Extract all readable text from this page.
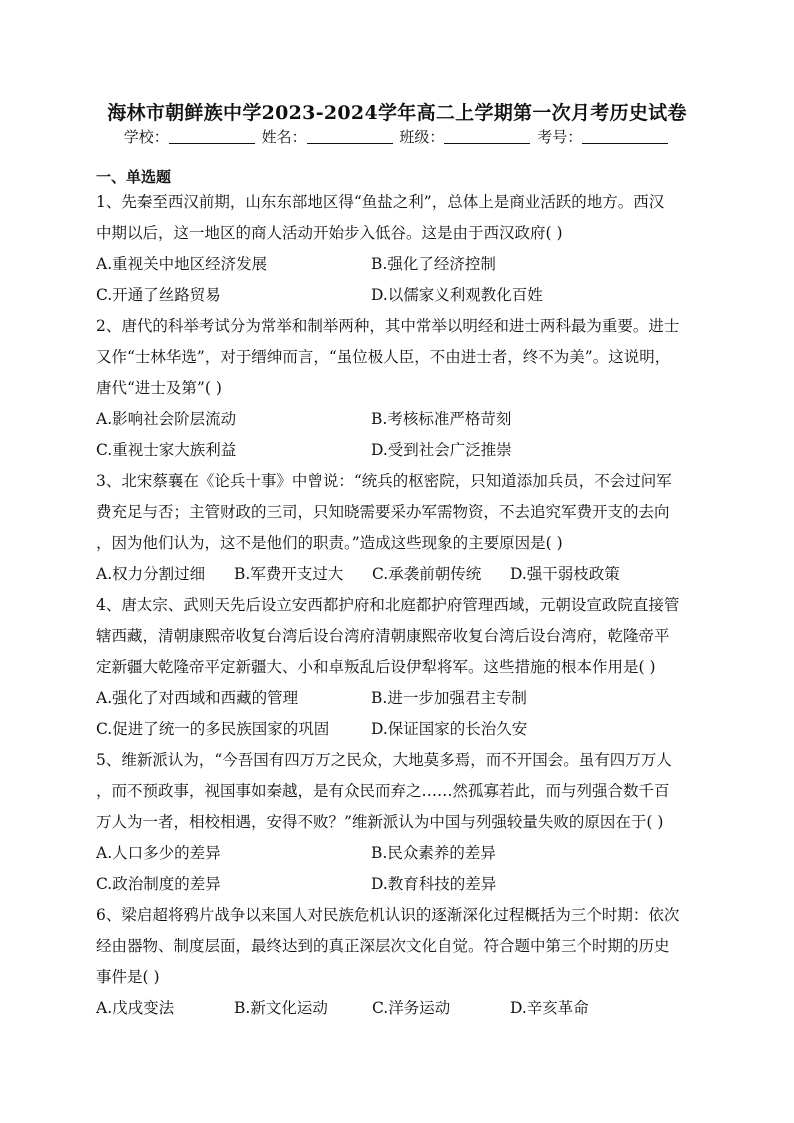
海林市朝鲜族中学2023-2024学年高二上学期第一次月考历史试卷
学校：	姓名：	班级：	考号：
一、单选题

1、先秦至西汉前期，山东东部地区得“鱼盐之利”，总体上是商业活跃的地方。西汉

中期以后，这一地区的商人活动开始步入低谷。这是由于西汉政府( )

A.重视关中地区经济发展	B.强化了经济控制
C.开通了丝路贸易	D.以儒家义利观教化百姓

2、唐代的科举考试分为常举和制举两种，其中常举以明经和进士两科最为重要。进士

又作“士林华选”，对于缙绅而言，“虽位极人臣，不由进士者，终不为美”。这说明，

唐代“进士及第”( )

A.影响社会阶层流动	B.考核标准严格苛刻
C.重视士家大族利益	D.受到社会广泛推崇

3、北宋蔡襄在《论兵十事》中曾说：“统兵的枢密院，只知道添加兵员，不会过问军

费充足与否；主管财政的三司，只知晓需要采办军需物资，不去追究军费开支的去向

，因为他们认为，这不是他们的职责。”造成这些现象的主要原因是( )

A.权力分割过细	B.军费开支过大	C.承袭前朝传统	D.强干弱枝政策

4、唐太宗、武则天先后设立安西都护府和北庭都护府管理西域，元朝设宣政院直接管

辖西藏，清朝康熙帝收复台湾后设台湾府清朝康熙帝收复台湾后设台湾府，乾隆帝平

定新疆大乾隆帝平定新疆大、小和卓叛乱后设伊犁将军。这些措施的根本作用是( )

A.强化了对西域和西藏的管理	B.进一步加强君主专制
C.促进了统一的多民族国家的巩固	D.保证国家的长治久安

5、维新派认为，“今吾国有四万万之民众，大地莫多焉，而不开国会。虽有四万万人

，而不预政事，视国事如秦越，是有众民而弃之……然孤寡若此，而与列强合数千百

万人为一者，相校相遇，安得不败？”维新派认为中国与列强较量失败的原因在于( )

A.人口多少的差异	B.民众素养的差异
C.政治制度的差异	D.教育科技的差异

6、梁启超将鸦片战争以来国人对民族危机认识的逐渐深化过程概括为三个时期：依次

经由器物、制度层面，最终达到的真正深层次文化自觉。符合题中第三个时期的历史

事件是( )

A.戊戌变法	B.新文化运动	C.洋务运动	D.辛亥革命
